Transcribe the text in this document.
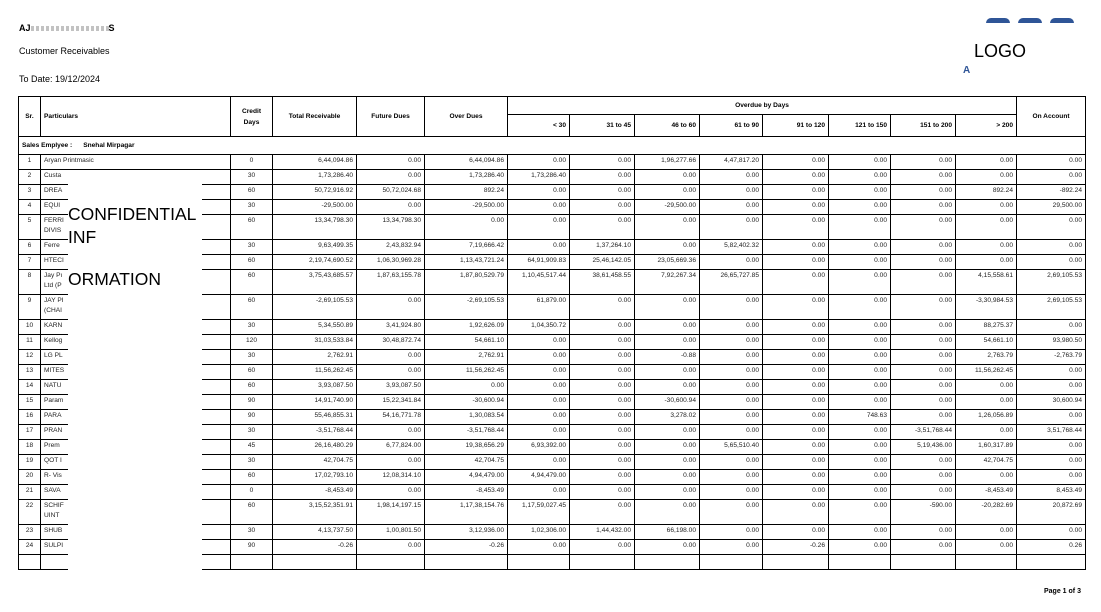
AJ	S
Customer Receivables
To Date: 19/12/2024
LOGO
A
Sr.	Particulars	Credit Days	Total Receivable	Future Dues	Over Dues	Overdue by Days								On Account
						< 30	31 to 45	46 to 60	61 to 90	91 to 120	121 to 150	151 to 200	> 200	
Sales Emplyee : Snehal Mirpagar														
1	Aryan Printmasic	0	6,44,094.86	0.00	6,44,094.86	0.00	0.00	1,96,277.66	4,47,817.20	0.00	0.00	0.00	0.00	0.00
2	Custa	30	1,73,286.40	0.00	1,73,286.40	1,73,286.40	0.00	0.00	0.00	0.00	0.00	0.00	0.00	0.00
3	DREA	60	50,72,916.92	50,72,024.68	892.24	0.00	0.00	0.00	0.00	0.00	0.00	0.00	892.24	-892.24
4	EQUI	30	-29,500.00	0.00	-29,500.00	0.00	0.00	-29,500.00	0.00	0.00	0.00	0.00	0.00	29,500.00
5	FERRI DIVIS	60	13,34,798.30	13,34,798.30	0.00	0.00	0.00	0.00	0.00	0.00	0.00	0.00	0.00	0.00
6	Ferre	30	9,63,499.35	2,43,832.94	7,19,666.42	0.00	1,37,264.10	0.00	5,82,402.32	0.00	0.00	0.00	0.00	0.00
7	HTECI	60	2,19,74,690.52	1,06,30,969.28	1,13,43,721.24	64,91,909.83	25,46,142.05	23,05,669.36	0.00	0.00	0.00	0.00	0.00	0.00
8	Jay Pı Ltd (P	60	3,75,43,685.57	1,87,63,155.78	1,87,80,529.79	1,10,45,517.44	38,61,458.55	7,92,267.34	26,65,727.85	0.00	0.00	0.00	4,15,558.61	2,69,105.53
9	JAY PI (CHAI	60	-2,69,105.53	0.00	-2,69,105.53	61,879.00	0.00	0.00	0.00	0.00	0.00	0.00	-3,30,984.53	2,69,105.53
10	KARN	30	5,34,550.89	3,41,924.80	1,92,626.09	1,04,350.72	0.00	0.00	0.00	0.00	0.00	0.00	88,275.37	0.00
11	Kellog	120	31,03,533.84	30,48,872.74	54,661.10	0.00	0.00	0.00	0.00	0.00	0.00	0.00	54,661.10	93,980.50
12	LG PL	30	2,762.91	0.00	2,762.91	0.00	0.00	-0.88	0.00	0.00	0.00	0.00	2,763.79	-2,763.79
13	MITES	60	11,56,262.45	0.00	11,56,262.45	0.00	0.00	0.00	0.00	0.00	0.00	0.00	11,56,262.45	0.00
14	NATU	60	3,93,087.50	3,93,087.50	0.00	0.00	0.00	0.00	0.00	0.00	0.00	0.00	0.00	0.00
15	Param	90	14,91,740.90	15,22,341.84	-30,600.94	0.00	0.00	-30,600.94	0.00	0.00	0.00	0.00	0.00	30,600.94
16	PARA	90	55,46,855.31	54,16,771.78	1,30,083.54	0.00	0.00	3,278.02	0.00	0.00	748.63	0.00	1,26,056.89	0.00
17	PRAN	30	-3,51,768.44	0.00	-3,51,768.44	0.00	0.00	0.00	0.00	0.00	0.00	-3,51,768.44	0.00	3,51,768.44
18	Prem	45	26,16,480.29	6,77,824.00	19,38,656.29	6,93,392.00	0.00	0.00	5,65,510.40	0.00	0.00	5,19,436.00	1,60,317.89	0.00
19	QOT I	30	42,704.75	0.00	42,704.75	0.00	0.00	0.00	0.00	0.00	0.00	0.00	42,704.75	0.00
20	R- Vis	60	17,02,793.10	12,08,314.10	4,94,479.00	4,94,479.00	0.00	0.00	0.00	0.00	0.00	0.00	0.00	0.00
21	SAVA	0	-8,453.49	0.00	-8,453.49	0.00	0.00	0.00	0.00	0.00	0.00	0.00	-8,453.49	8,453.49
22	SCHIF UINT	60	3,15,52,351.91	1,98,14,197.15	1,17,38,154.76	1,17,59,027.45	0.00	0.00	0.00	0.00	0.00	-590.00	-20,282.69	20,872.69
23	SHUB	30	4,13,737.50	1,00,801.50	3,12,936.00	1,02,306.00	1,44,432.00	66,198.00	0.00	0.00	0.00	0.00	0.00	0.00
24	SULPI	90	-0.26	0.00	-0.26	0.00	0.00	0.00	0.00	-0.26	0.00	0.00	0.00	0.26

CONFIDENTIAL
INF
ORMATION
Page 1 of 3
